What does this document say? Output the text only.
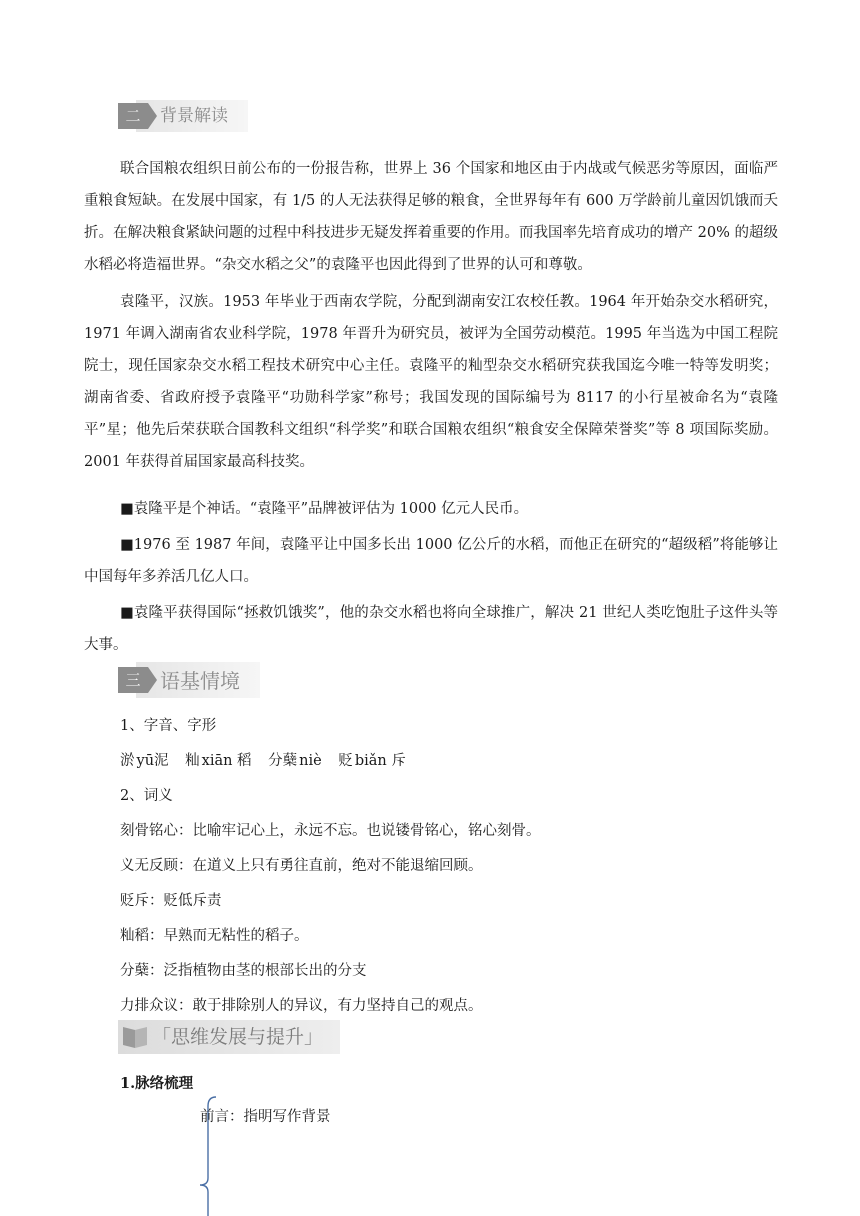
二	背景解读

联合国粮农组织日前公布的一份报告称，世界上 36 个国家和地区由于内战或气候恶劣等原因，面临严重粮食短缺。在发展中国家，有 1/5 的人无法获得足够的粮食，全世界每年有 600 万学龄前儿童因饥饿而夭折。在解决粮食紧缺问题的过程中科技进步无疑发挥着重要的作用。而我国率先培育成功的增产 20% 的超级水稻必将造福世界。“杂交水稻之父”的袁隆平也因此得到了世界的认可和尊敬。

袁隆平，汉族。1953 年毕业于西南农学院，分配到湖南安江农校任教。1964 年开始杂交水稻研究，1971 年调入湖南省农业科学院，1978 年晋升为研究员，被评为全国劳动模范。1995 年当选为中国工程院院士，现任国家杂交水稻工程技术研究中心主任。袁隆平的籼型杂交水稻研究获我国迄今唯一特等发明奖；湖南省委、省政府授予袁隆平“功勋科学家”称号；我国发现的国际编号为 8117 的小行星被命名为“袁隆平”星；他先后荣获联合国教科文组织“科学奖”和联合国粮农组织“粮食安全保障荣誉奖”等 8 项国际奖励。2001 年获得首届国家最高科技奖。

■袁隆平是个神话。“袁隆平”品牌被评估为 1000 亿元人民币。

■1976 至 1987 年间，袁隆平让中国多长出 1000 亿公斤的水稻，而他正在研究的“超级稻”将能够让中国每年多养活几亿人口。

■袁隆平获得国际“拯救饥饿奖”，他的杂交水稻也将向全球推广，解决 21 世纪人类吃饱肚子这件头等大事。

三 语基情境
1、字音、字形
淤 yū泥 籼 xiān 稻 分蘖 niè 贬 biǎn 斥
2、词义
刻骨铭心：比喻牢记心上，永远不忘。也说镂骨铭心，铭心刻骨。
义无反顾：在道义上只有勇往直前，绝对不能退缩回顾。
贬斥：贬低斥责
籼稻：早熟而无粘性的稻子。
分蘖：泛指植物由茎的根部长出的分支
力排众议：敢于排除别人的异议，有力坚持自己的观点。
「思维发展与提升」
1.脉络梳理
前言：指明写作背景
